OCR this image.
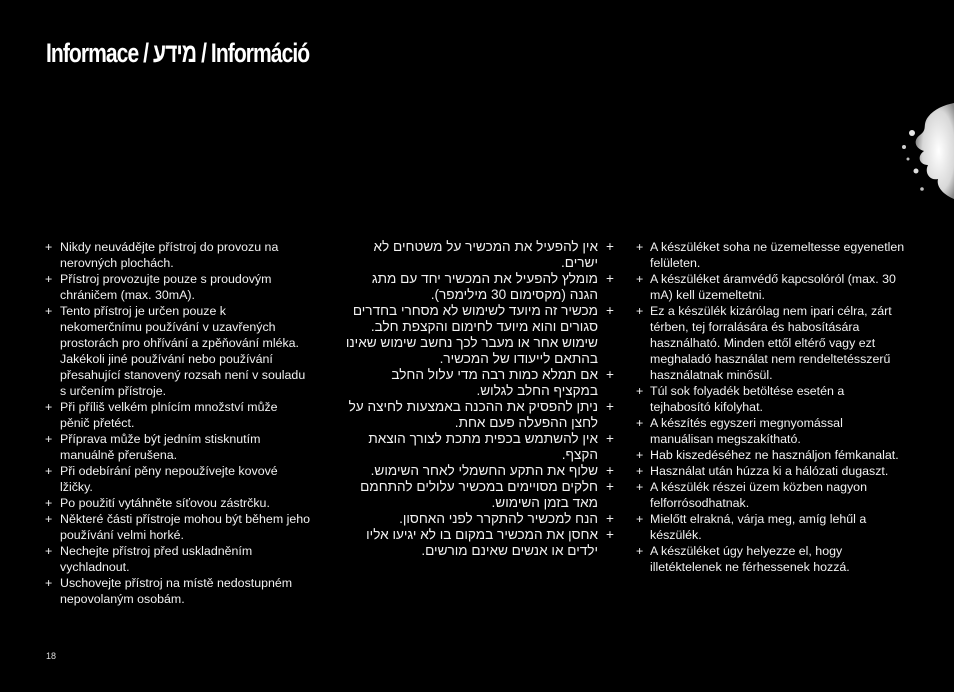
Informace / מידע / Információ
+ Nikdy neuvádějte přístroj do provozu na nerovných plochách.
+ Přístroj provozujte pouze s proudovým chráničem (max. 30mA).
+ Tento přístroj je určen pouze k nekomerčnímu používání v uzavřených prostorách pro ohřívání a zpěňování mléka. Jakékoli jiné používání nebo používání přesahující stanovený rozsah není v souladu s určením přístroje.
+ Při příliš velkém plnícím množství může pěnič přetéct.
+ Příprava může být jedním stisknutím manuálně přerušena.
+ Při odebírání pěny nepoužívejte kovové lžičky.
+ Po použití vytáhněte síťovou zástrčku.
+ Některé části přístroje mohou být během jeho používání velmi horké.
+ Nechejte přístroj před uskladněním vychladnout.
+ Uschovejte přístroj na místě nedostupném nepovolaným osobám.
+
אין להפעיל את המכשיר על משטחים לא ישרים.
+
מומלץ להפעיל את המכשיר יחד עם מתג הגנה (מקסימום 30 מילימפר).
+
מכשיר זה מיועד לשימוש לא מסחרי בחדרים סגורים והוא מיועד לחימום והקצפת חלב. שימוש אחר או מעבר לכך נחשב שימוש שאינו בהתאם לייעודו של המכשיר.
+
אם תמלא כמות רבה מדי עלול החלב במקציף החלב לגלוש.
+
ניתן להפסיק את ההכנה באמצעות לחיצה על לחצן ההפעלה פעם אחת.
+
אין להשתמש בכפית מתכת לצורך הוצאת הקצף.
+
שלוף את התקע החשמלי לאחר השימוש.
+
חלקים מסויימים במכשיר עלולים להתחמם מאד בזמן השימוש.
+
הנח למכשיר להתקרר לפני האחסון.
+
אחסן את המכשיר במקום בו לא יגיעו אליו ילדים או אנשים שאינם מורשים.
+ A készüléket soha ne üzemeltesse egyenetlen felületen.
+ A készüléket áramvédő kapcsolóról (max. 30 mA) kell üzemeltetni.
+ Ez a készülék kizárólag nem ipari célra, zárt térben, tej forralására és habosítására használható. Minden ettől eltérő vagy ezt meghaladó használat nem rendeltetésszerű használatnak minősül.
+ Túl sok folyadék betöltése esetén a tejhabosító kifolyhat.
+ A készítés egyszeri megnyomással manuálisan megszakítható.
+ Hab kiszedéséhez ne használjon fémkanalat.
+ Használat után húzza ki a hálózati dugaszt.
+ A készülék részei üzem közben nagyon felforrósodhatnak.
+ Mielőtt elrakná, várja meg, amíg lehűl a készülék.
+ A készüléket úgy helyezze el, hogy illetéktelenek ne férhessenek hozzá.
18
